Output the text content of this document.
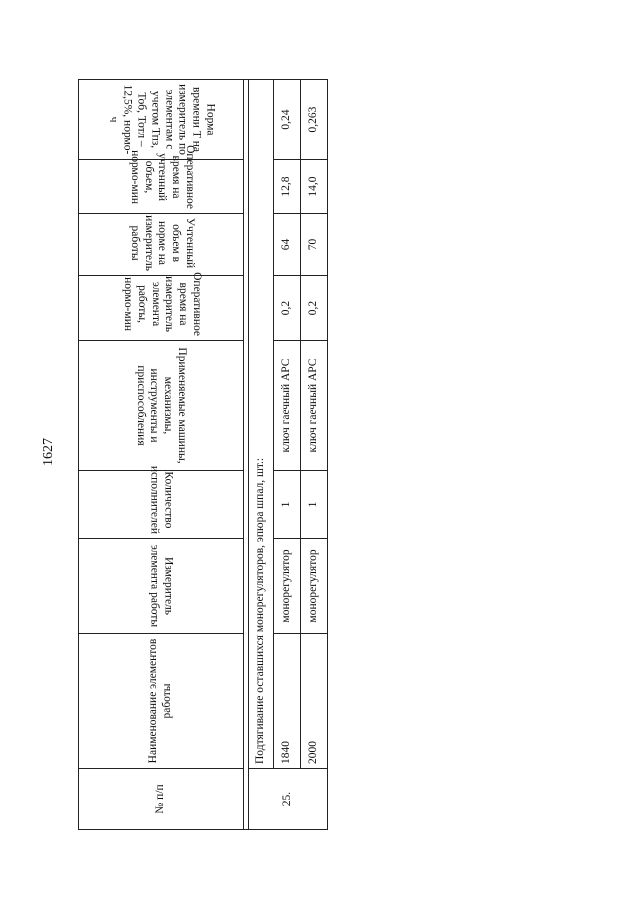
1627
№ п/п	Наименование элементов работы	Измеритель элемента работы	Количество исполнителей	Применяемые машины, механизмы, инструменты и приспособления	Оперативное время на измеритель элемента работы, нормо-мин	Учтенный объем в норме на измеритель работы	Оперативное время на учтенный объем, нормо-мин	Норма времени Т на измеритель по элементам с учетом Тпз, Тоб, Тотл – 12,5%, нормо-ч

25.	Подтягивание оставшихся монорегуляторов, эпюра шпал, шт.:							
	1840	монорегулятор	1	ключ гаечный АРС	0,2	64	12,8	0,24
	2000	монорегулятор	1	ключ гаечный АРС	0,2	70	14,0	0,263
